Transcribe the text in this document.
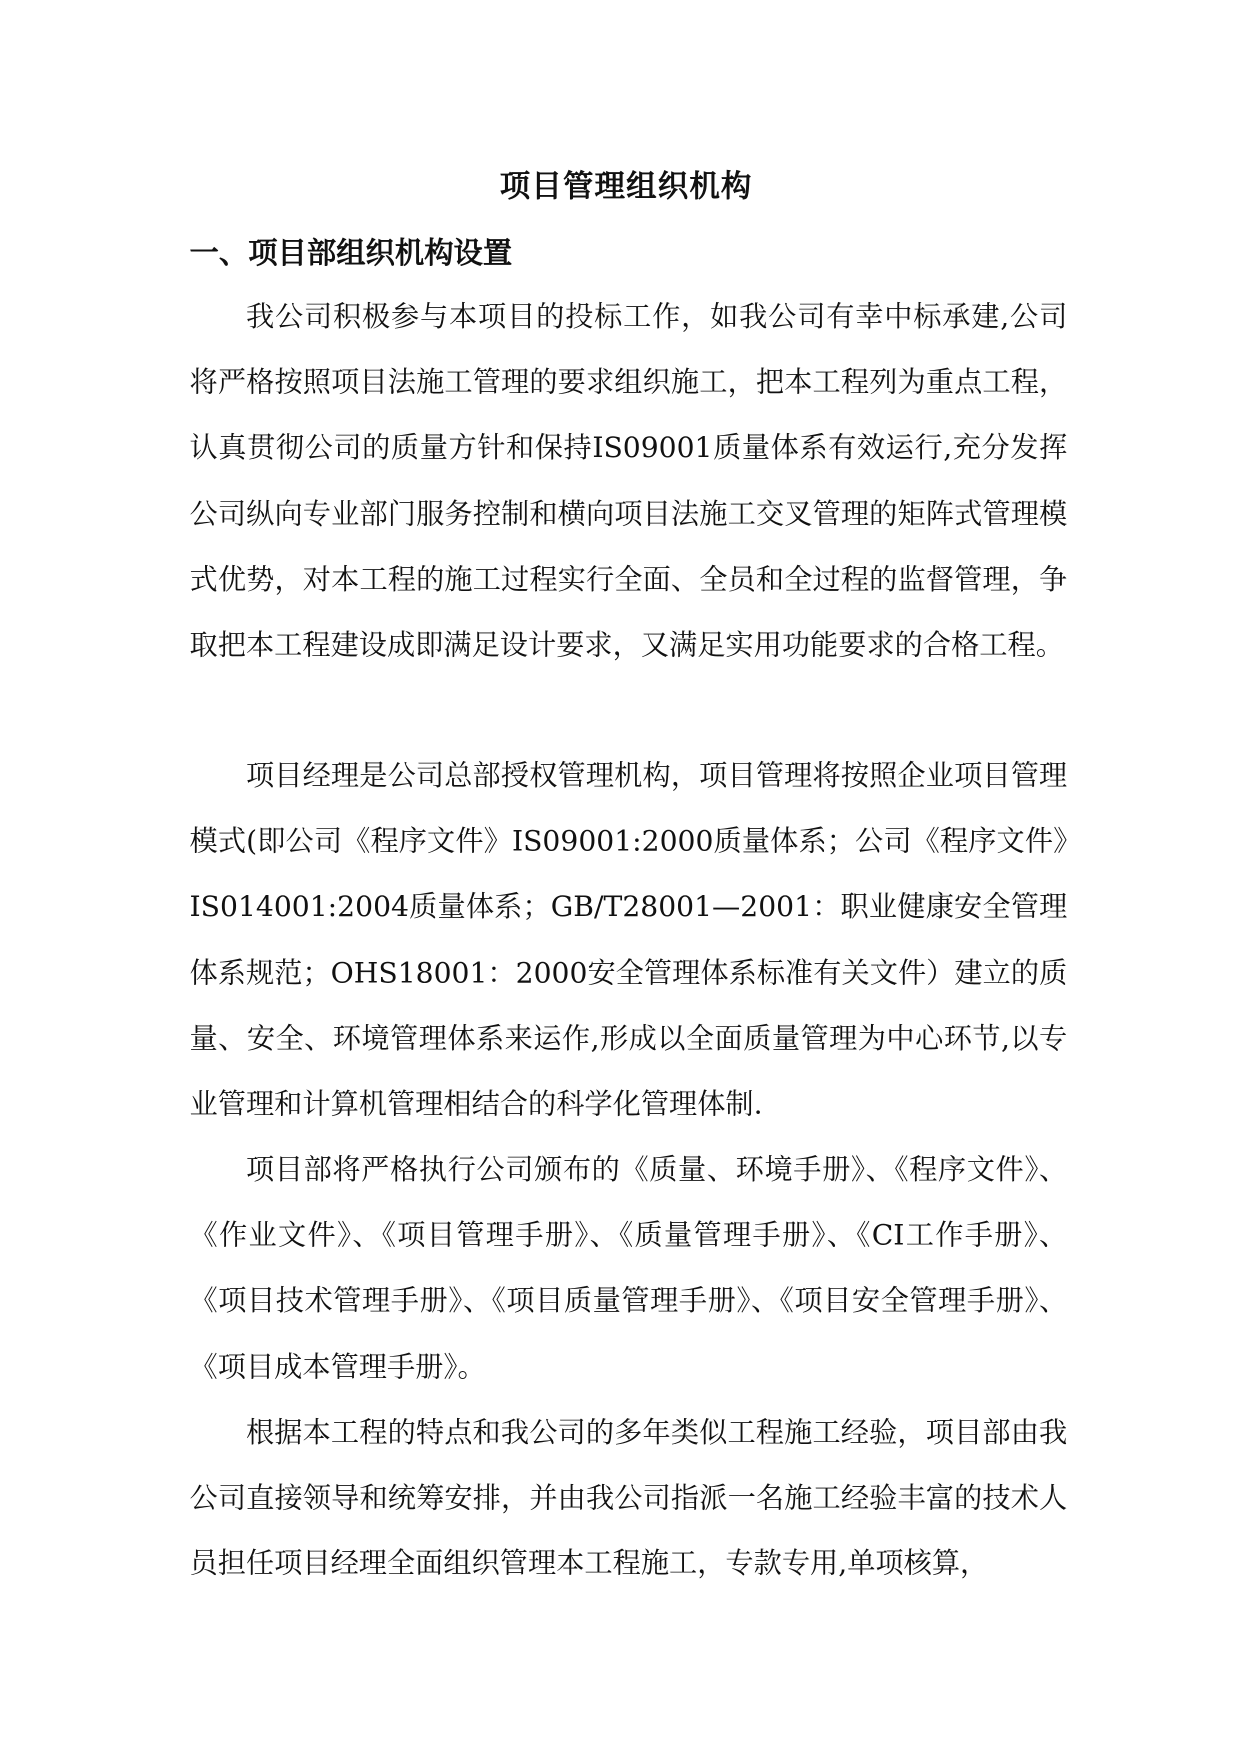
项目管理组织机构
一、项目部组织机构设置

我公司积极参与本项目的投标工作，如我公司有幸中标承建,公司将严格按照项目法施工管理的要求组织施工，把本工程列为重点工程，认真贯彻公司的质量方针和保持IS09001质量体系有效运行,充分发挥公司纵向专业部门服务控制和横向项目法施工交叉管理的矩阵式管理模式优势，对本工程的施工过程实行全面、全员和全过程的监督管理，争取把本工程建设成即满足设计要求，又满足实用功能要求的合格工程。

项目经理是公司总部授权管理机构，项目管理将按照企业项目管理模式(即公司《程序文件》IS09001:2000质量体系；公司《程序文件》IS014001:2004质量体系；GB/T28001—2001：职业健康安全管理体系规范；OHS18001：2000安全管理体系标准有关文件）建立的质量、安全、环境管理体系来运作,形成以全面质量管理为中心环节,以专业管理和计算机管理相结合的科学化管理体制.

项目部将严格执行公司颁布的《质量、环境手册》、《程序文件》、《作业文件》、《项目管理手册》、《质量管理手册》、《CI工作手册》、《项目技术管理手册》、《项目质量管理手册》、《项目安全管理手册》、《项目成本管理手册》。

根据本工程的特点和我公司的多年类似工程施工经验，项目部由我公司直接领导和统筹安排，并由我公司指派一名施工经验丰富的技术人员担任项目经理全面组织管理本工程施工，专款专用,单项核算，
